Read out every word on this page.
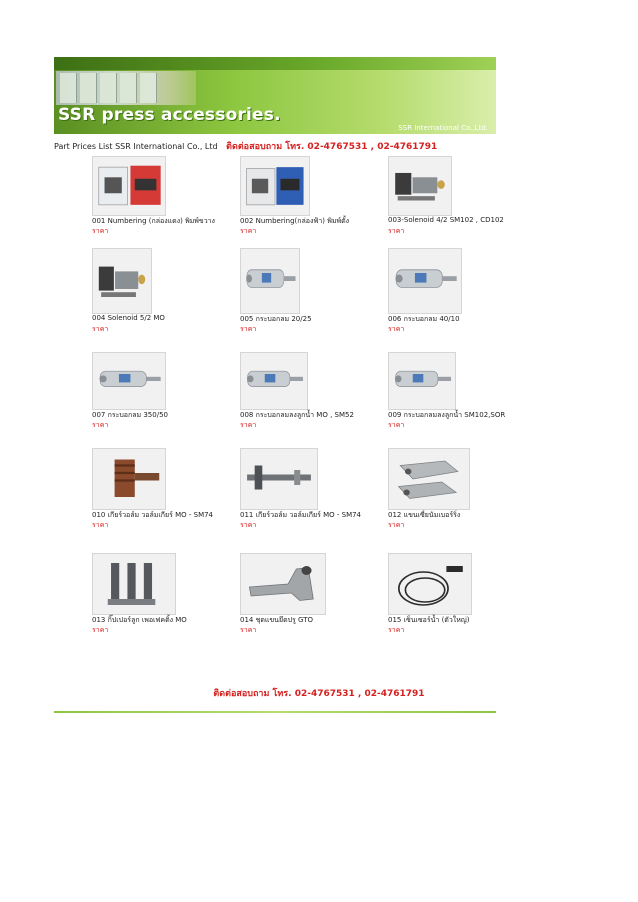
SSR press accessories.
SSR International Co.,Ltd.
Part Prices List SSR International Co., Ltd ติดต่อสอบถาม โทร. 02-4767531 , 02-4761791
001 Numbering (กล่องแดง) พิมพ์ขวาง
ราคา
002 Numbering(กล่องฟ้า) พิมพ์ตั้ง
ราคา
003-Solenoid 4/2 SM102 , CD102
ราคา
004 Solenoid 5/2 MO
ราคา
005 กระบอกลม 20/25
ราคา
006 กระบอกลม 40/10
ราคา
007 กระบอกลม 350/50
ราคา
008 กระบอกลมลงลูกน้ำ MO , SM52
ราคา
009 กระบอกลมลงลูกน้ำ SM102,SOR
ราคา
010 เกียร์วอล์ม วอล์มเกียร์ MO - SM74
ราคา
011 เกียร์วอล์ม วอล์มเกียร์ MO - SM74
ราคา
012 แขนเซี่ยนัมเบอร์ริ่ง
ราคา
013 กิ๊ปเปอร์ลูก เพอเฟคติ้ง MO
ราคา
014 ชุดแขนยึดปรู GTO
ราคา
015 เซ็นเซอร์น้ำ (ตัวใหญ่)
ราคา
ติดต่อสอบถาม โทร. 02-4767531 , 02-4761791
